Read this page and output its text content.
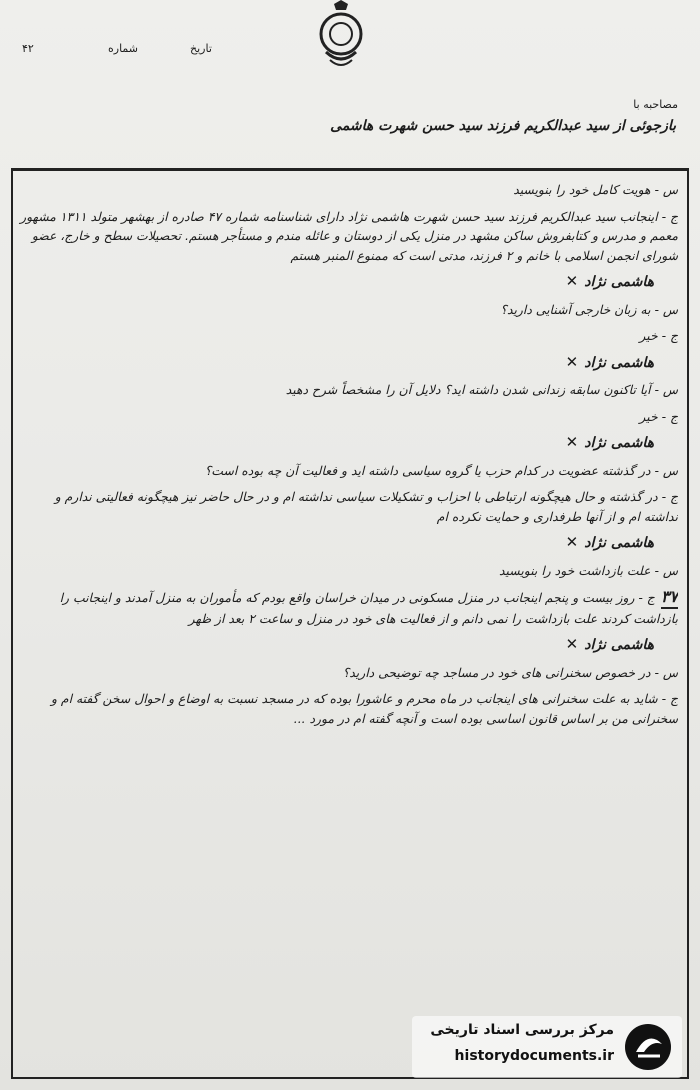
۴۲	شماره	تاریخ
مصاحبه با
بازجوئی از سید عبدالکریم فرزند سید حسن شهرت هاشمی
س - هویت کامل خود را بنویسید
ج - اینجانب سید عبدالکریم فرزند سید حسن شهرت هاشمی نژاد دارای شناسنامه شماره ۴۷ صادره از بهشهر متولد ۱۳۱۱ مشهور معمم و مدرس و کتابفروش ساکن مشهد در منزل یکی از دوستان و عائله مندم و مستأجر هستم. تحصیلات سطح و خارج، عضو شورای انجمن اسلامی با خانم و ۲ فرزند، مدتی است که ممنوع المنبر هستم
هاشمی نژاد✕
س - به زبان خارجی آشنایی دارید؟
ج - خیر
هاشمی نژاد✕
س - آیا تاکنون سابقه زندانی شدن داشته اید؟ دلایل آن را مشخصاً شرح دهید
ج - خیر
هاشمی نژاد✕
س - در گذشته عضویت در کدام حزب یا گروه سیاسی داشته اید و فعالیت آن چه بوده است؟
ج - در گذشته و حال هیچگونه ارتباطی با احزاب و تشکیلات سیاسی نداشته ام و در حال حاضر نیز هیچگونه فعالیتی ندارم و نداشته ام و از آنها طرفداری و حمایت نکرده ام
هاشمی نژاد✕
س - علت بازداشت خود را بنویسید
۳۷ج - روز بیست و پنجم اینجانب در منزل مسکونی در میدان خراسان واقع بودم که مأموران به منزل آمدند و اینجانب را بازداشت کردند علت بازداشت را نمی دانم و از فعالیت های خود در منزل و ساعت ۲ بعد از ظهر
هاشمی نژاد✕
س - در خصوص سخنرانی های خود در مساجد چه توضیحی دارید؟
ج - شاید به علت سخنرانی های اینجانب در ماه محرم و عاشورا بوده که در مسجد نسبت به اوضاع و احوال سخن گفته ام و سخنرانی من بر اساس قانون اساسی بوده است و آنچه گفته ام در مورد ...
مرکز بررسی اسناد تاریخی
historydocuments.ir
